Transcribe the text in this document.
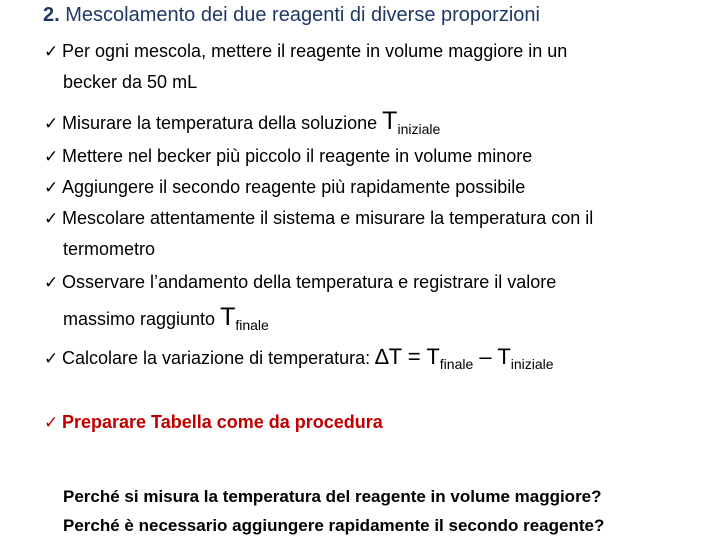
2. Mescolamento dei due reagenti di diverse proporzioni
✓ Per ogni mescola, mettere il reagente in volume maggiore in un
becker da 50 mL
✓ Misurare la temperatura della soluzione $T_{iniziale}$
✓ Mettere nel becker più piccolo il reagente in volume minore
✓ Aggiungere il secondo reagente più rapidamente possibile
✓ Mescolare attentamente il sistema e misurare la temperatura con il
termometro
✓ Osservare l’andamento della temperatura e registrare il valore
massimo raggiunto $T_{finale}$
✓ Calcolare la variazione di temperatura: $\Delta T = T_{finale} - T_{iniziale}$
✓ Preparare Tabella come da procedura
Perché si misura la temperatura del reagente in volume maggiore?
Perché è necessario aggiungere rapidamente il secondo reagente?
